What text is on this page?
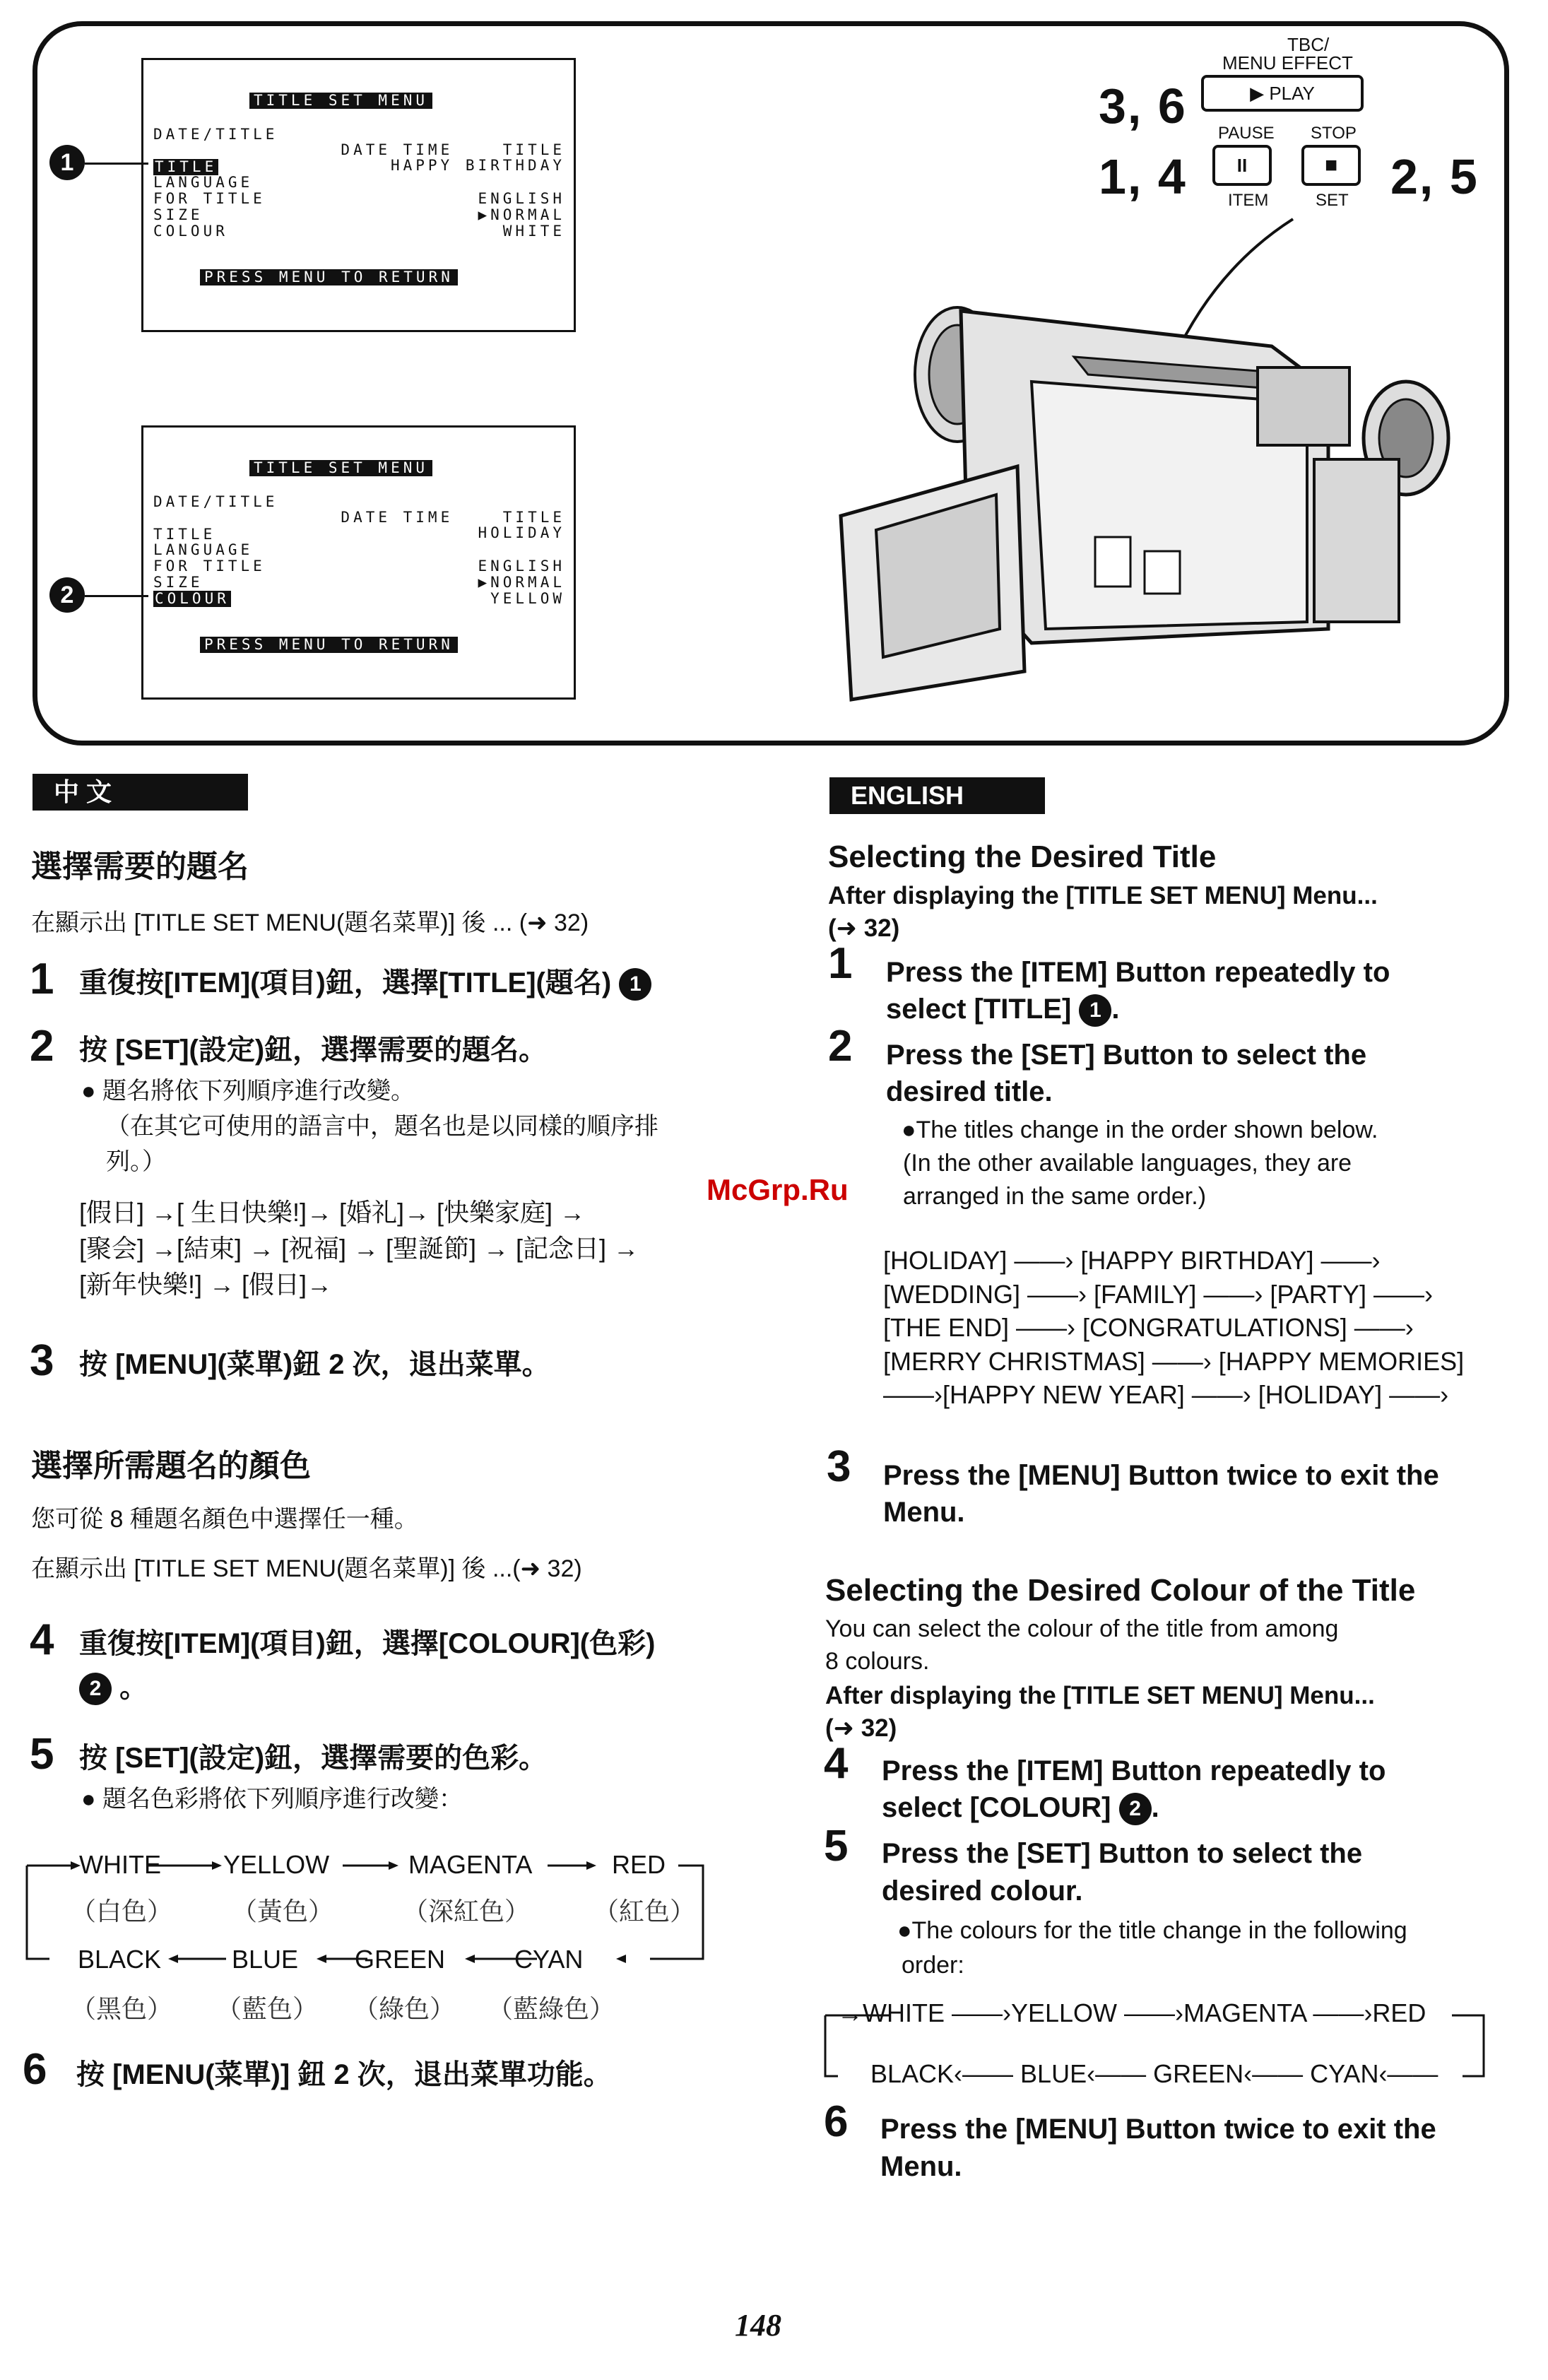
TITLE SET MENU
DATE/TITLE
DATE TIME    TITLE
TITLE	HAPPY BIRTHDAY
LANGUAGE
FOR TITLE	ENGLISH
SIZE	▶NORMAL
COLOUR	WHITE
PRESS MENU TO RETURN
1
TITLE SET MENU
DATE/TITLE
DATE TIME    TITLE
TITLE	HOLIDAY
LANGUAGE
FOR TITLE	ENGLISH
SIZE	▶NORMAL
COLOUR	YELLOW
PRESS MENU TO RETURN
2
TBC/
MENU EFFECT
▶ PLAY
3, 6 PAUSE STOP
II	■
ITEM	SET
1, 4	2, 5
中 文
選擇需要的題名
在顯示出 [TITLE SET MENU(題名菜單)] 後 ... (➜ 32)
1 重復按[ITEM](項目)鈕，選擇[TITLE](題名) 1
2 按 [SET](設定)鈕，選擇需要的題名。
● 題名將依下列順序進行改變。
（在其它可使用的語言中，題名也是以同樣的順序排
列。）
[假日] →[ 生日快樂!]→ [婚礼]→ [快樂家庭] →
[聚会] →[結束] → [祝福] → [聖誕節] → [記念日] →
[新年快樂!] → [假日]→
3 按 [MENU](菜單)鈕 2 次，退出菜單。
選擇所需題名的顏色
您可從 8 種題名顏色中選擇任一種。
在顯示出 [TITLE SET MENU(題名菜單)] 後 ...(➜ 32)
4 重復按[ITEM](項目)鈕，選擇[COLOUR](色彩)
2 。
5 按 [SET](設定)鈕，選擇需要的色彩。
● 題名色彩將依下列順序進行改變：
WHITE YELLOW	MAGENTA	RED
（白色） （黃色）	（深紅色） （紅色）
BLACK	BLUE GREEN	CYAN
（黑色） （藍色） （綠色） （藍綠色）
6 按 [MENU(菜單)] 鈕 2 次，退出菜單功能。
ENGLISH
Selecting the Desired Title
After displaying the [TITLE SET MENU] Menu...
(➜ 32)
1 Press the [ITEM] Button repeatedly to
select [TITLE] 1 .
2 Press the [SET] Button to select the
desired title.
●The titles change in the order shown below.
(In the other available languages, they are
arranged in the same order.)
[HOLIDAY] ——› [HAPPY BIRTHDAY] ——›
[WEDDING] ——› [FAMILY] ——› [PARTY] ——›
[THE END] ——› [CONGRATULATIONS] ——›
[MERRY CHRISTMAS] ——› [HAPPY MEMORIES]
——›[HAPPY NEW YEAR] ——› [HOLIDAY] ——›
3 Press the [MENU] Button twice to exit the
Menu.
Selecting the Desired Colour of the Title
You can select the colour of the title from among
8 colours.
After displaying the [TITLE SET MENU] Menu...
(➜ 32)
4 Press the [ITEM] Button repeatedly to
select [COLOUR] 2 .
5 Press the [SET] Button to select the
desired colour.
●The colours for the title change in the following
order:
→WHITE ——›YELLOW ——›MAGENTA ——›RED
BLACK‹—— BLUE‹—— GREEN‹—— CYAN‹——
6 Press the [MENU] Button twice to exit the
Menu.
McGrp.Ru
148
